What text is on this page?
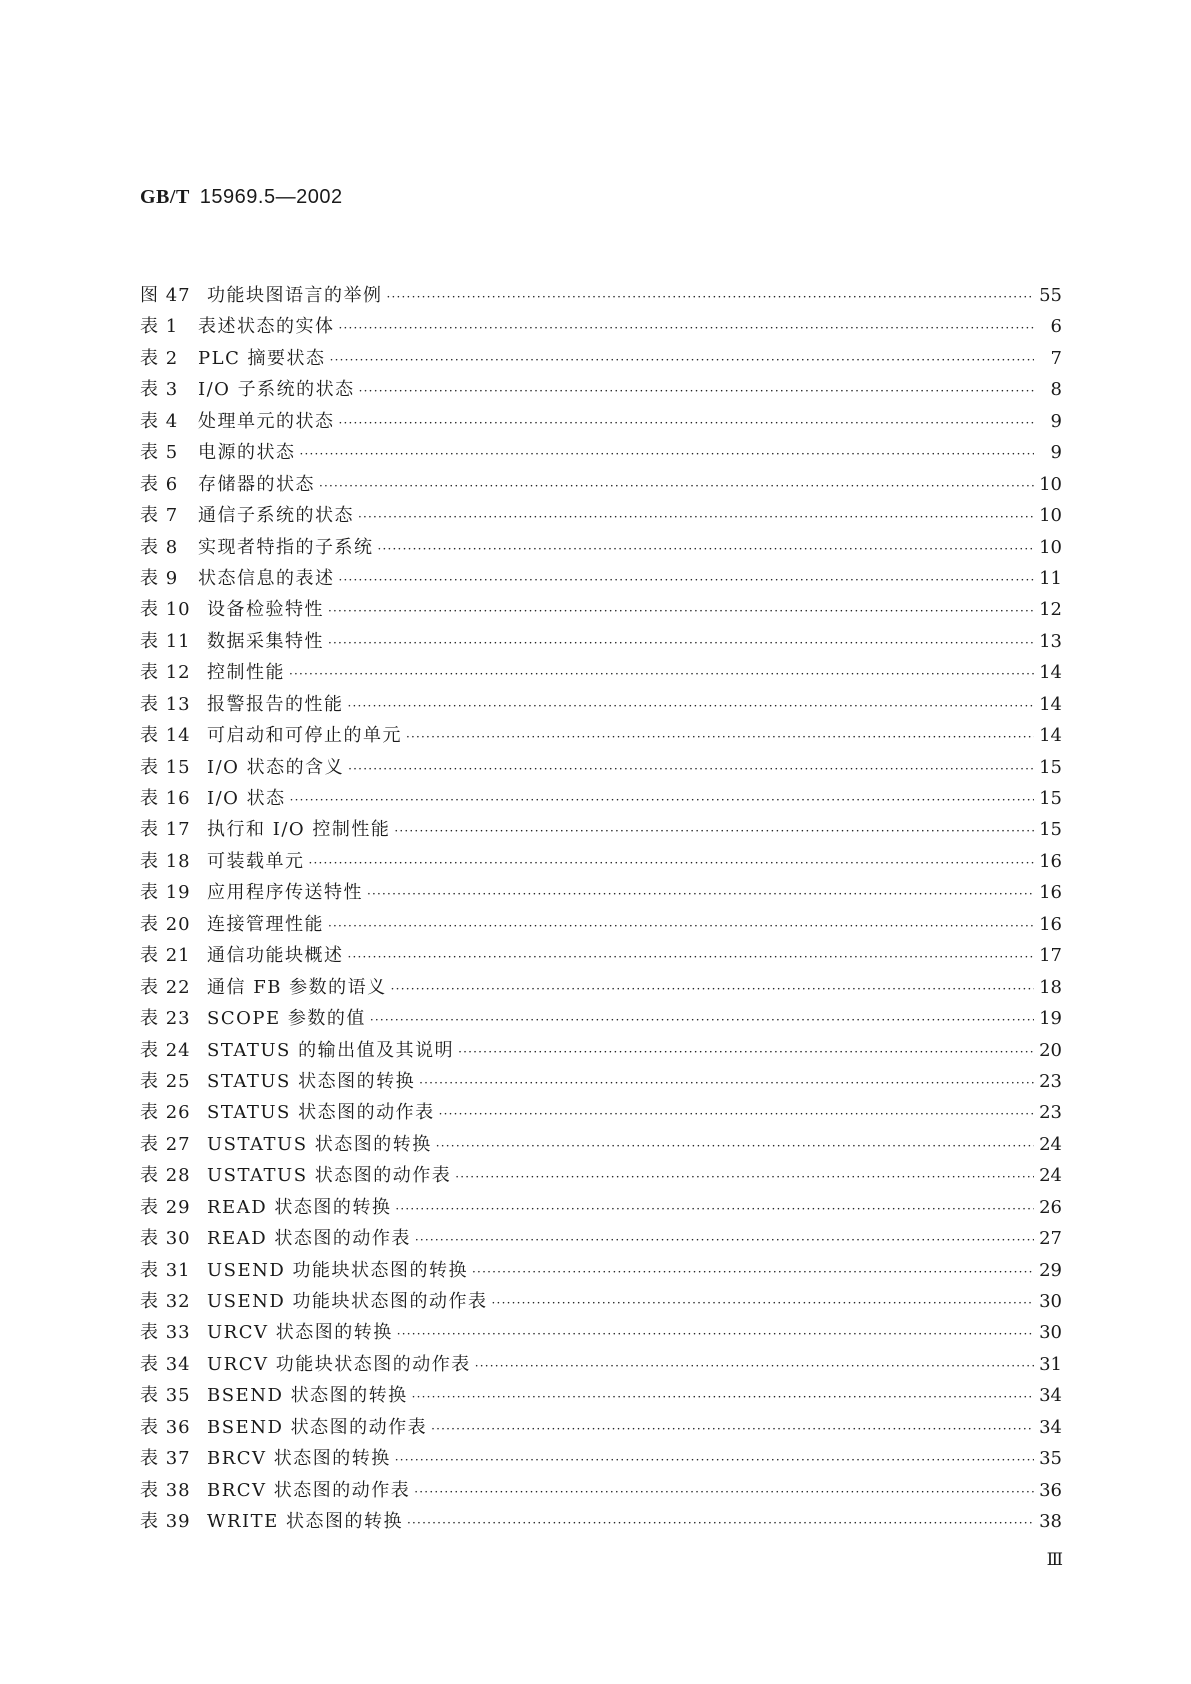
GB/T 15969.5—2002
图 47 功能块图语言的举例 ·····	55
表 1	表述状态的实体 ·····	6
表 2	PLC 摘要状态 ·····	7
表 3	I/O 子系统的状态 ·····	8
表 4	处理单元的状态 ·····	9
表 5	电源的状态 ·····	9
表 6	存储器的状态 ·····	10
表 7	通信子系统的状态 ·····	10
表 8	实现者特指的子系统 ·····	10
表 9	状态信息的表述 ·····	11
表 10 设备检验特性 ·····	12
表 11 数据采集特性 ·····	13
表 12 控制性能 ·····	14
表 13 报警报告的性能 ·····	14
表 14 可启动和可停止的单元 ·····	14
表 15 I/O 状态的含义 ·····	15
表 16 I/O 状态 ·····	15
表 17 执行和 I/O 控制性能 ·····	15
表 18 可装载单元 ·····	16
表 19 应用程序传送特性 ·····	16
表 20 连接管理性能 ·····	16
表 21 通信功能块概述 ·····	17
表 22 通信 FB 参数的语义 ·····	18
表 23 SCOPE 参数的值 ·····	19
表 24 STATUS 的输出值及其说明 ·····	20
表 25 STATUS 状态图的转换 ·····	23
表 26 STATUS 状态图的动作表 ·····	23
表 27 USTATUS 状态图的转换 ·····	24
表 28 USTATUS 状态图的动作表 ·····	24
表 29 READ 状态图的转换 ·····	26
表 30 READ 状态图的动作表 ·····	27
表 31 USEND 功能块状态图的转换 ·····	29
表 32 USEND 功能块状态图的动作表 ·····	30
表 33 URCV 状态图的转换 ·····	30
表 34 URCV 功能块状态图的动作表 ·····	31
表 35 BSEND 状态图的转换 ·····	34
表 36 BSEND 状态图的动作表 ·····	34
表 37 BRCV 状态图的转换 ·····	35
表 38 BRCV 状态图的动作表 ·····	36
表 39 WRITE 状态图的转换 ·····	38
Ⅲ
